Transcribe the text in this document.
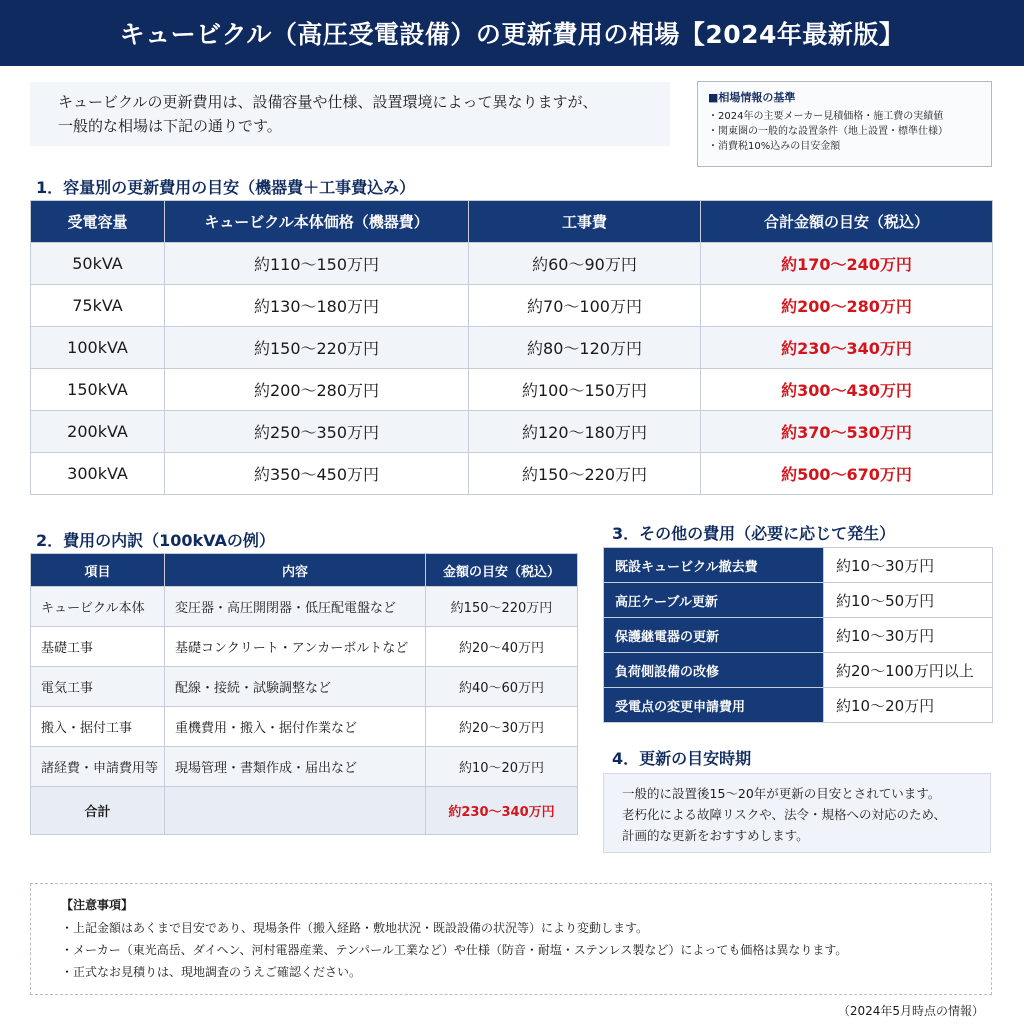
キュービクル（高圧受電設備）の更新費用の相場【2024年最新版】

キュービクルの更新費用は、設備容量や仕様、設置環境によって異なりますが、

一般的な相場は下記の通りです。

■相場情報の基準
・2024年の主要メーカー見積価格・施工費の実績値
・関東圏の一般的な設置条件（地上設置・標準仕様）
・消費税10%込みの目安金額
1．容量別の更新費用の目安（機器費＋工事費込み）
受電容量	キュービクル本体価格（機器費）	工事費	合計金額の目安（税込）
50kVA	約110～150万円	約60～90万円	約170～240万円
75kVA	約130～180万円	約70～100万円	約200～280万円
100kVA	約150～220万円	約80～120万円	約230～340万円
150kVA	約200～280万円	約100～150万円	約300～430万円
200kVA	約250～350万円	約120～180万円	約370～530万円
300kVA	約350～450万円	約150～220万円	約500～670万円
2．費用の内訳（100kVAの例）
項目	内容	金額の目安（税込）
キュービクル本体	変圧器・高圧開閉器・低圧配電盤など	約150～220万円
基礎工事	基礎コンクリート・アンカーボルトなど	約20～40万円
電気工事	配線・接続・試験調整など	約40～60万円
搬入・据付工事	重機費用・搬入・据付作業など	約20～30万円
諸経費・申請費用等	現場管理・書類作成・届出など	約10～20万円
合計		約230～340万円
3．その他の費用（必要に応じて発生）
既設キュービクル撤去費	約10～30万円
高圧ケーブル更新	約10～50万円
保護継電器の更新	約10～30万円
負荷側設備の改修	約20～100万円以上
受電点の変更申請費用	約10～20万円
4．更新の目安時期

一般的に設置後15～20年が更新の目安とされています。

老朽化による故障リスクや、法令・規格への対応のため、

計画的な更新をおすすめします。

【注意事項】

・上記金額はあくまで目安であり、現場条件（搬入経路・敷地状況・既設設備の状況等）により変動します。

・メーカー（東光高岳、ダイヘン、河村電器産業、テンパール工業など）や仕様（防音・耐塩・ステンレス製など）によっても価格は異なります。

・正式なお見積りは、現地調査のうえご確認ください。

（2024年5月時点の情報）
